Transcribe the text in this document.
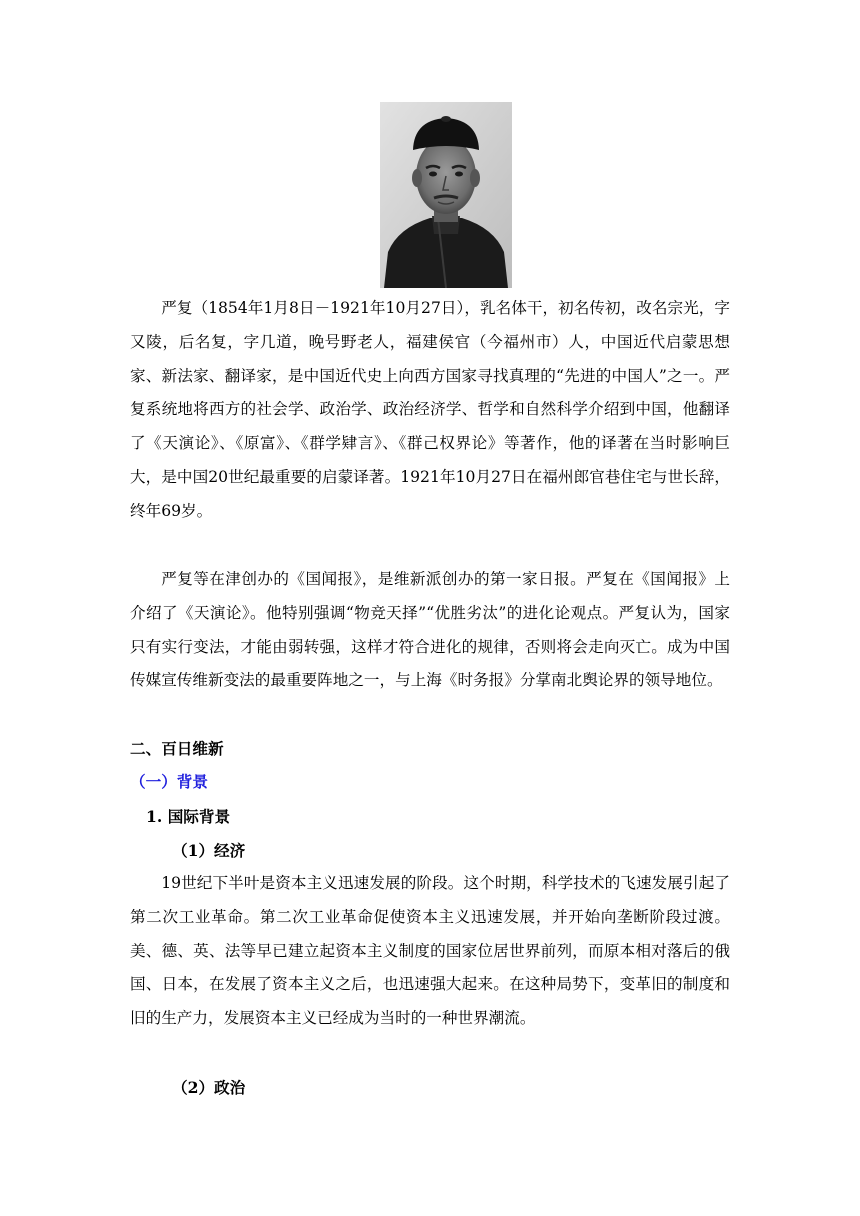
严复（1854年1月8日－1921年10月27日），乳名体干，初名传初，改名宗光，字又陵，后名复，字几道，晚号野老人，福建侯官（今福州市）人，中国近代启蒙思想家、新法家、翻译家，是中国近代史上向西方国家寻找真理的“先进的中国人”之一。严复系统地将西方的社会学、政治学、政治经济学、哲学和自然科学介绍到中国，他翻译了《天演论》、《原富》、《群学肄言》、《群己权界论》等著作，他的译著在当时影响巨大，是中国20世纪最重要的启蒙译著。1921年10月27日在福州郎官巷住宅与世长辞，终年69岁。

严复等在津创办的《国闻报》，是维新派创办的第一家日报。严复在《国闻报》上介绍了《天演论》。他特别强调“物竞天择”“优胜劣汰”的进化论观点。严复认为，国家只有实行变法，才能由弱转强，这样才符合进化的规律，否则将会走向灭亡。成为中国传媒宣传维新变法的最重要阵地之一，与上海《时务报》分掌南北舆论界的领导地位。

二、百日维新
（一）背景
1. 国际背景
（1）经济

19世纪下半叶是资本主义迅速发展的阶段。这个时期，科学技术的飞速发展引起了第二次工业革命。第二次工业革命促使资本主义迅速发展，并开始向垄断阶段过渡。美、德、英、法等早已建立起资本主义制度的国家位居世界前列，而原本相对落后的俄国、日本，在发展了资本主义之后，也迅速强大起来。在这种局势下，变革旧的制度和旧的生产力，发展资本主义已经成为当时的一种世界潮流。

（2）政治
